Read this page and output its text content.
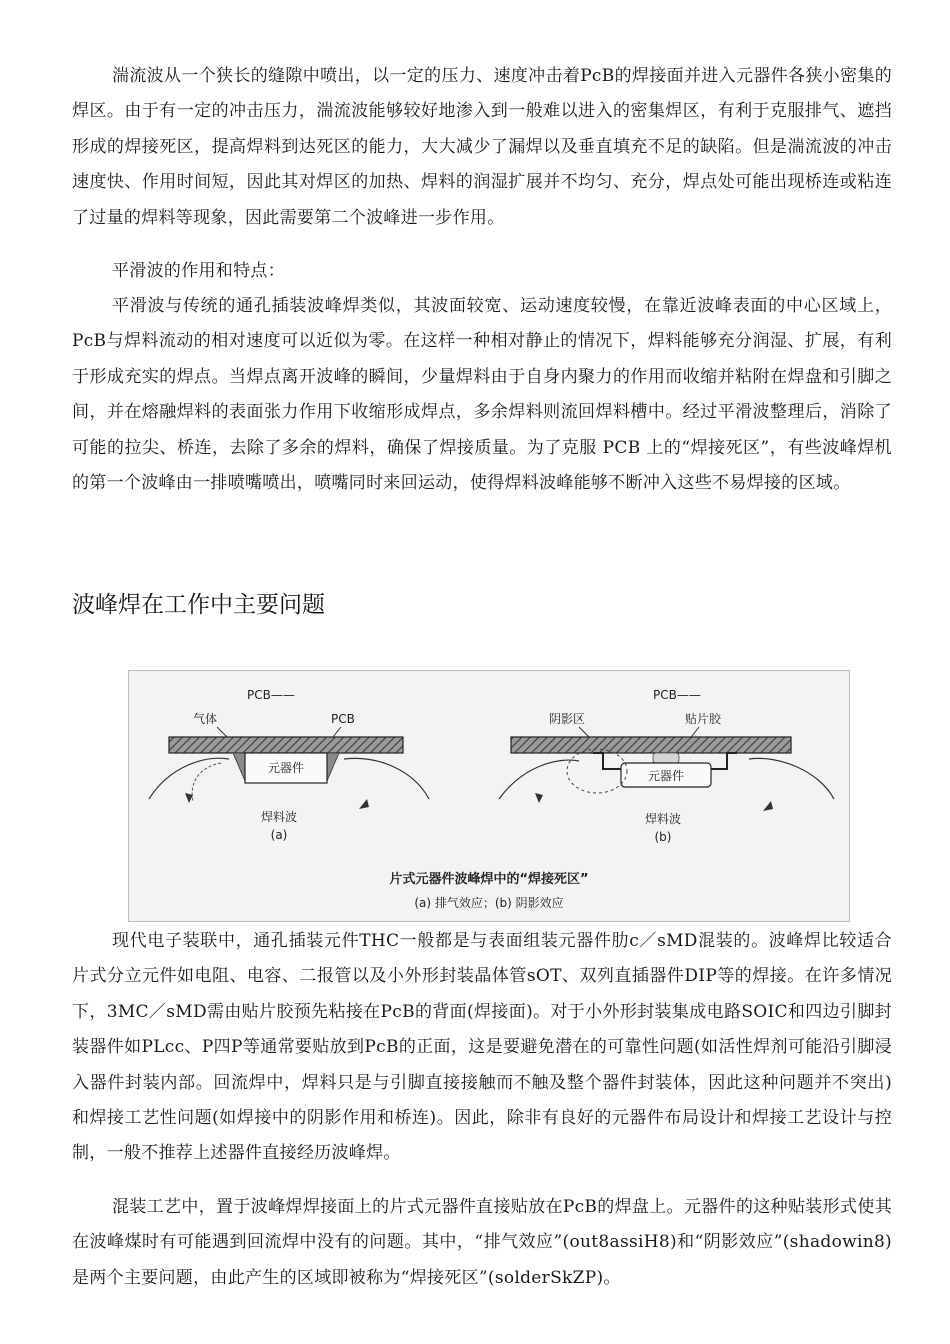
湍流波从一个狭长的缝隙中喷出，以一定的压力、速度冲击着PcB的焊接面并进入元器件各狭小密集的焊区。由于有一定的冲击压力，湍流波能够较好地渗入到一般难以进入的密集焊区，有利于克服排气、遮挡形成的焊接死区，提高焊料到达死区的能力，大大减少了漏焊以及垂直填充不足的缺陷。但是湍流波的冲击速度快、作用时间短，因此其对焊区的加热、焊料的润湿扩展并不均匀、充分，焊点处可能出现桥连或粘连了过量的焊料等现象，因此需要第二个波峰进一步作用。

平滑波的作用和特点：

平滑波与传统的通孔插装波峰焊类似，其波面较宽、运动速度较慢，在靠近波峰表面的中心区域上，PcB与焊料流动的相对速度可以近似为零。在这样一种相对静止的情况下，焊料能够充分润湿、扩展，有利于形成充实的焊点。当焊点离开波峰的瞬间，少量焊料由于自身内聚力的作用而收缩并粘附在焊盘和引脚之间，并在熔融焊料的表面张力作用下收缩形成焊点，多余焊料则流回焊料槽中。经过平滑波整理后，消除了可能的拉尖、桥连，去除了多余的焊料，确保了焊接质量。为了克服 PCB 上的“焊接死区”，有些波峰焊机的第一个波峰由一排喷嘴喷出，喷嘴同时来回运动，使得焊料波峰能够不断冲入这些不易焊接的区域。

波峰焊在工作中主要问题
PCB——
气体	PCB
元器件
焊料波
(a)
PCB——
阴影区	贴片胶
元器件
焊料波
(b)
片式元器件波峰焊中的“焊接死区”
(a) 排气效应；(b) 阴影效应

现代电子装联中，通孔插装元件THC一般都是与表面组装元器件肋c／sMD混装的。波峰焊比较适合片式分立元件如电阻、电容、二报管以及小外形封装晶体管sOT、双列直插器件DIP等的焊接。在许多情况下，3MC／sMD需由贴片胶预先粘接在PcB的背面(焊接面)。对于小外形封装集成电路SOIC和四边引脚封装器件如PLcc、P四P等通常要贴放到PcB的正面，这是要避免潜在的可靠性问题(如活性焊剂可能沿引脚浸入器件封装内部。回流焊中，焊料只是与引脚直接接触而不触及整个器件封装体，因此这种问题并不突出)和焊接工艺性问题(如焊接中的阴影作用和桥连)。因此，除非有良好的元器件布局设计和焊接工艺设计与控制，一般不推荐上述器件直接经历波峰焊。

混装工艺中，置于波峰焊焊接面上的片式元器件直接贴放在PcB的焊盘上。元器件的这种贴装形式使其在波峰煤时有可能遇到回流焊中没有的问题。其中，“排气效应”(out8assiH8)和“阴影效应”(shadowin8)是两个主要问题，由此产生的区域即被称为“焊接死区”(solderSkZP)。
